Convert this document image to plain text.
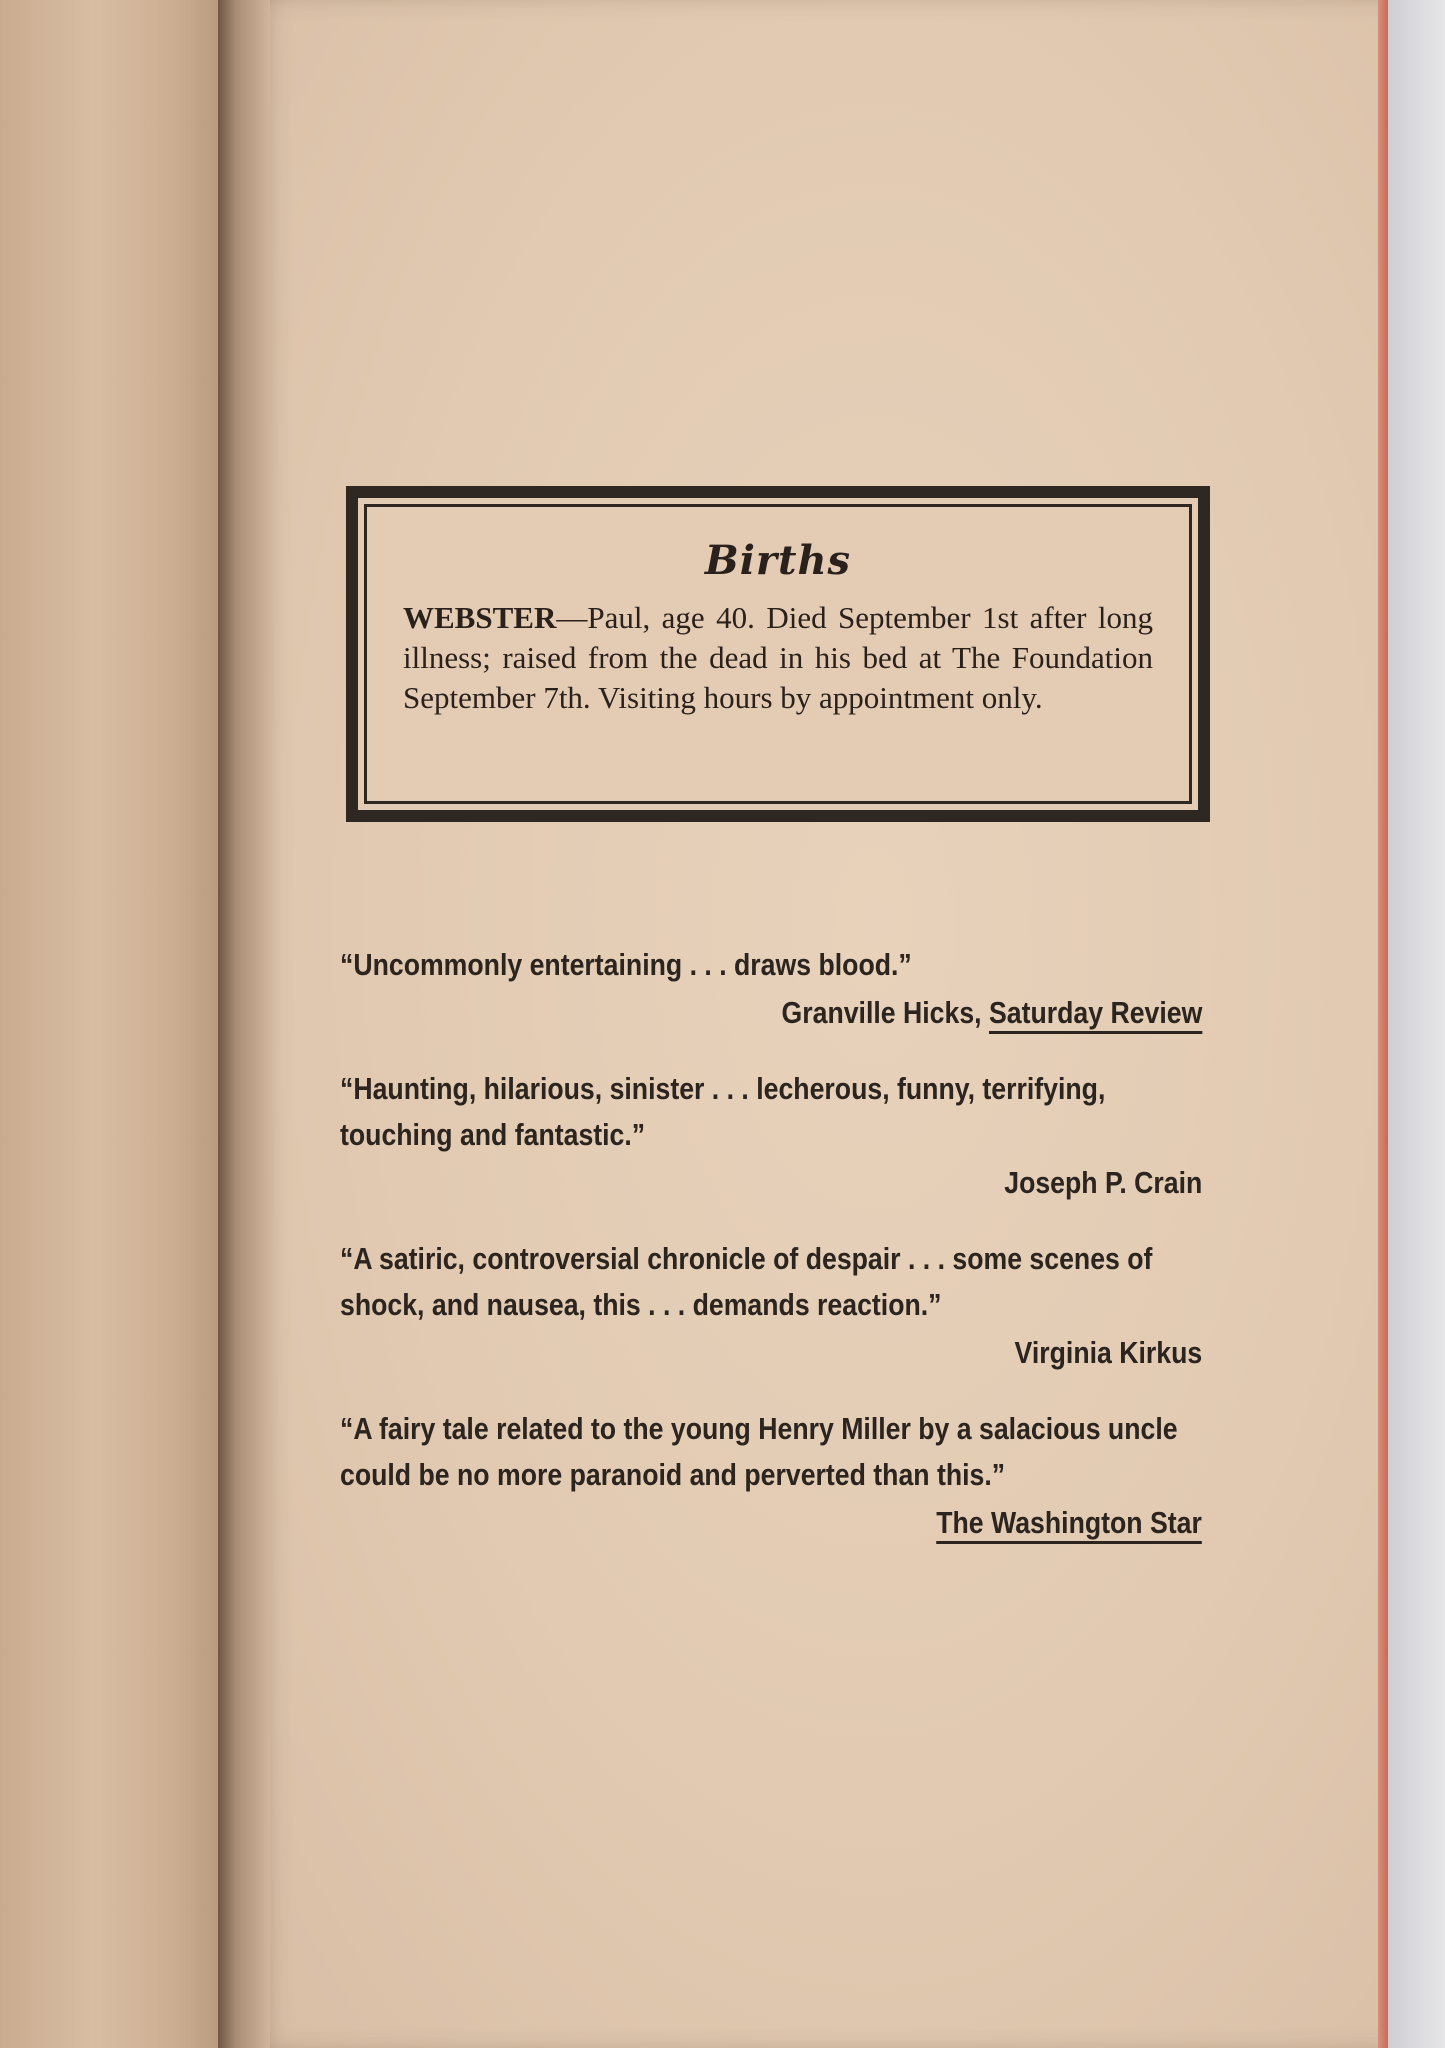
Births

WEBSTER—Paul, age 40. Died September 1st after long illness; raised from the dead in his bed at The Foundation September 7th. Visiting hours by appointment only.

“Uncommonly entertaining . . . draws blood.”

Granville Hicks, Saturday Review

“Haunting, hilarious, sinister . . . lecherous, funny, terrifying, touching and fantastic.”

Joseph P. Crain

“A satiric, controversial chronicle of despair . . . some scenes of shock, and nausea, this . . . demands reaction.”

Virginia Kirkus

“A fairy tale related to the young Henry Miller by a salacious uncle could be no more paranoid and perverted than this.”

The Washington Star
